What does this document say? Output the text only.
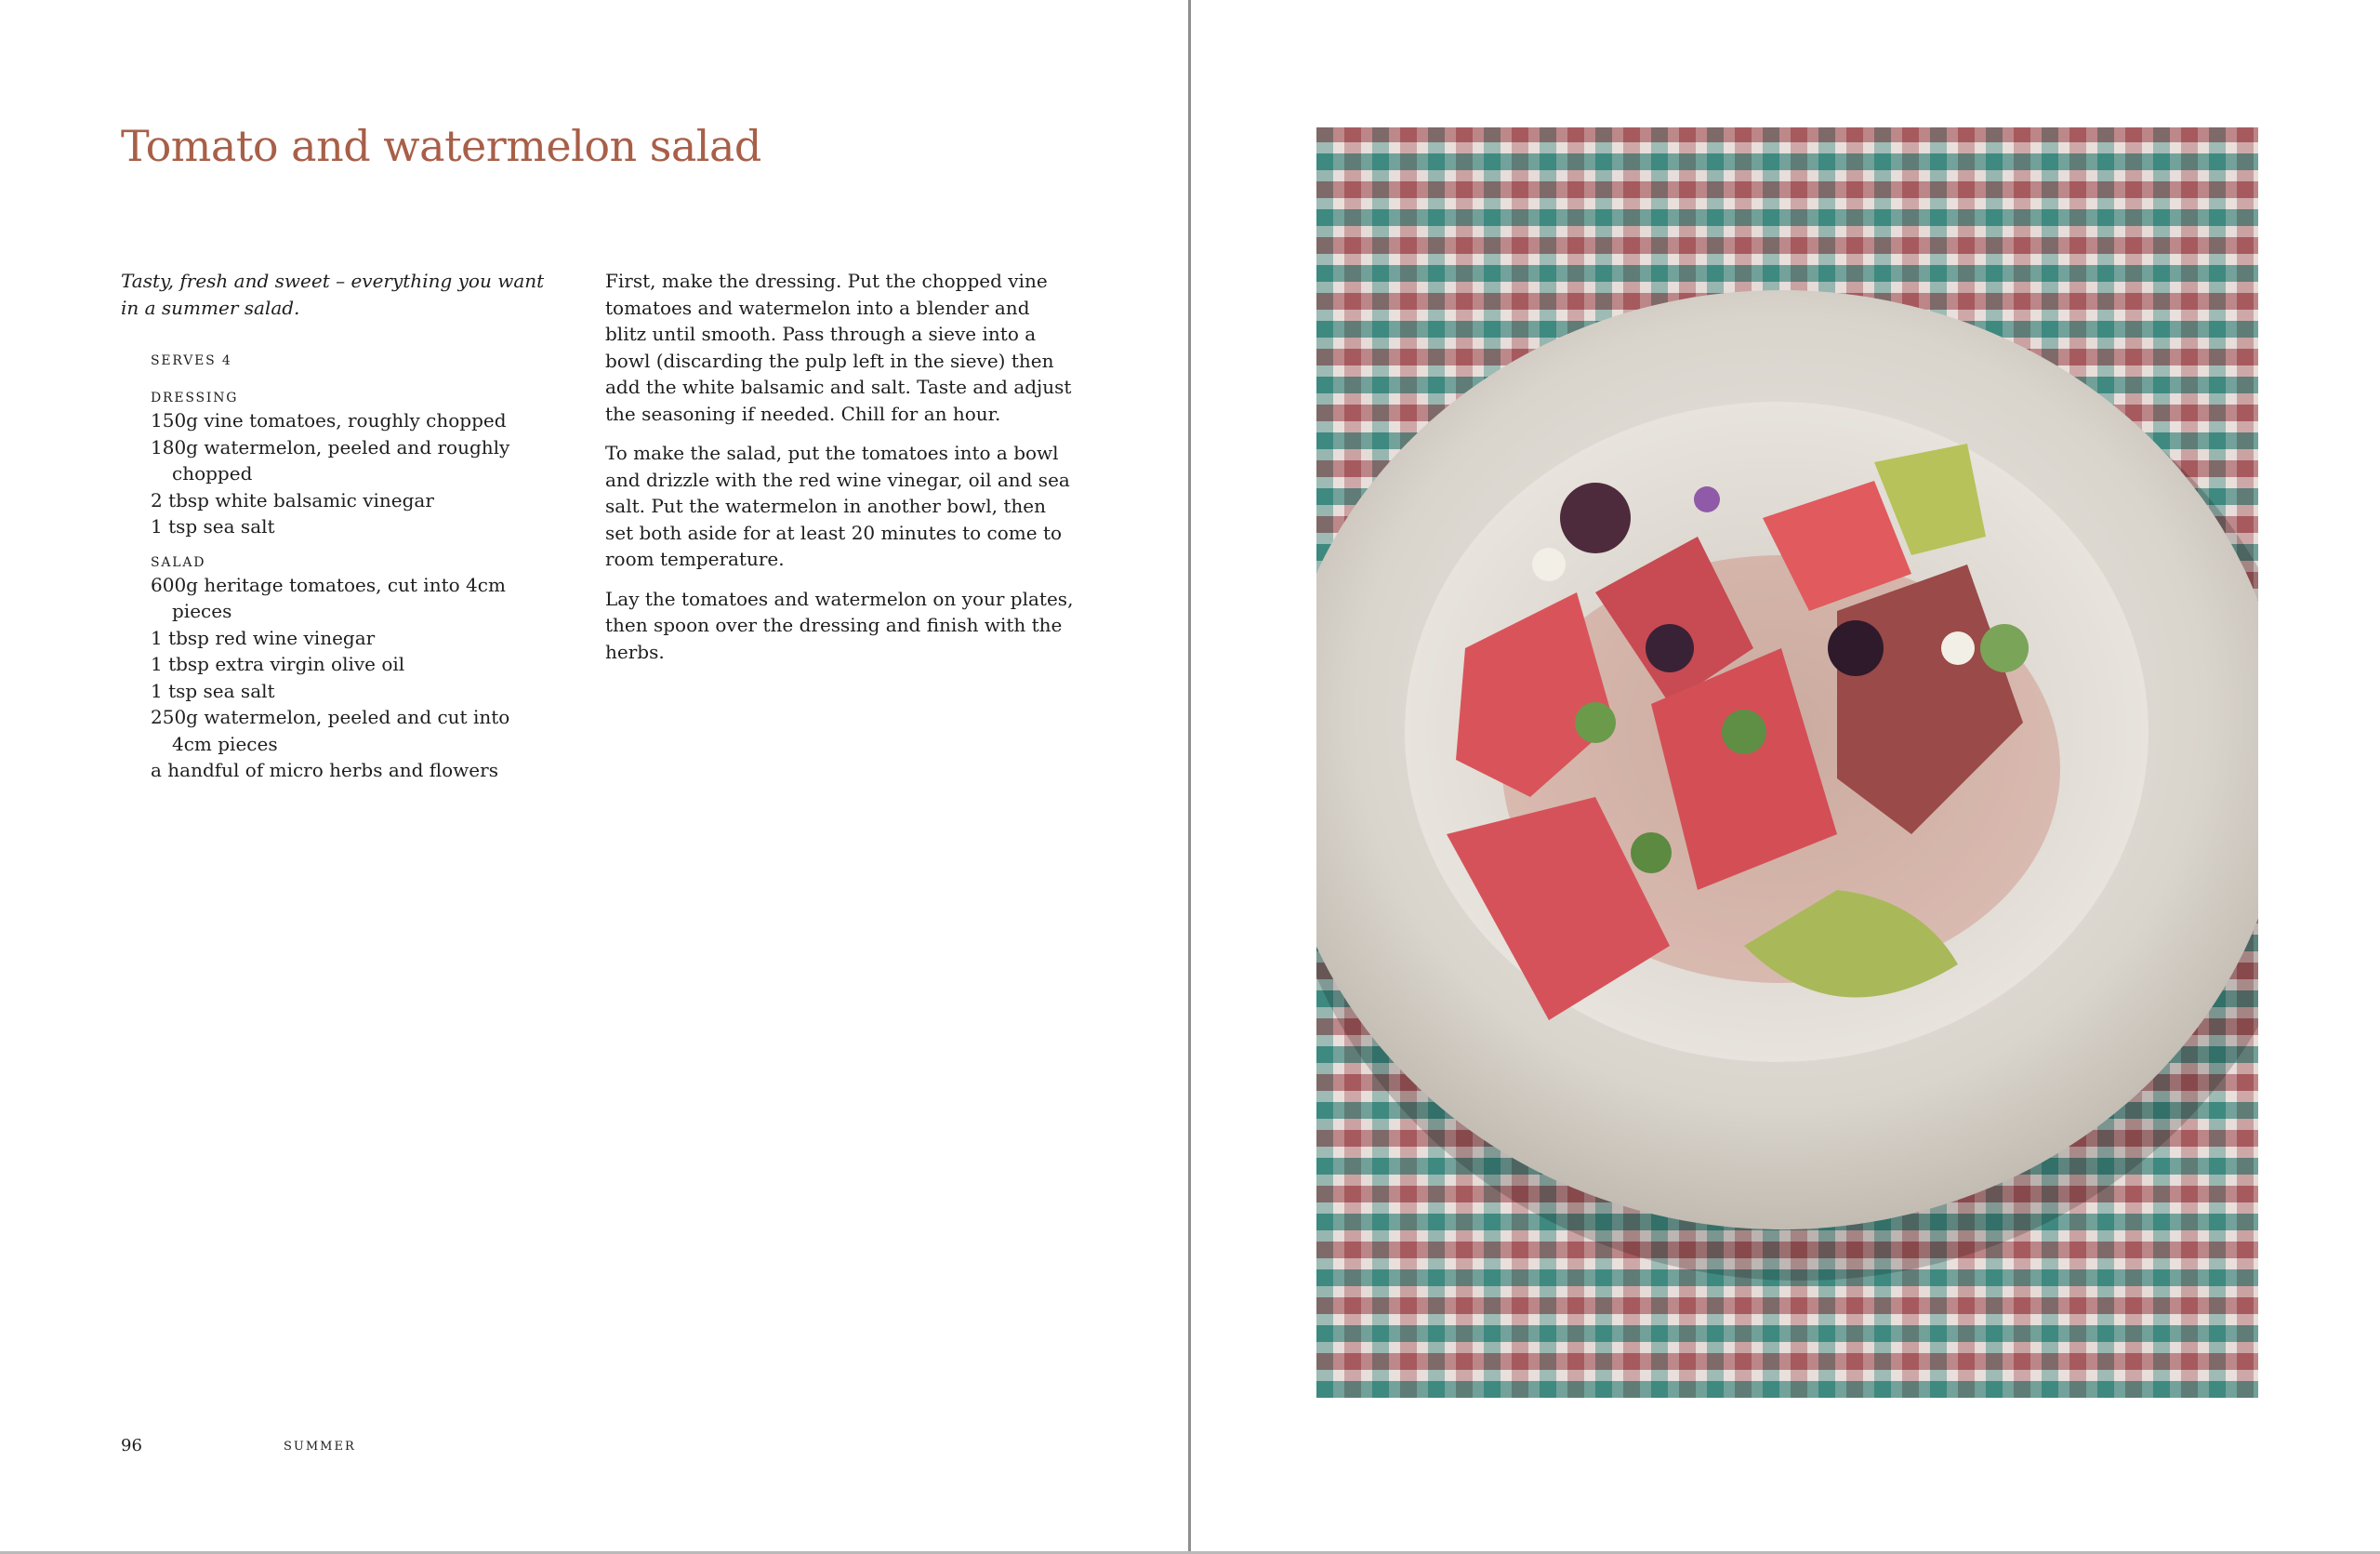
Tomato and watermelon salad

Tasty, fresh and sweet – everything you want in a summer salad.

SERVES 4
DRESSING
150g vine tomatoes, roughly chopped
180g watermelon, peeled and roughly chopped
2 tbsp white balsamic vinegar
1 tsp sea salt
SALAD
600g heritage tomatoes, cut into 4cm pieces
1 tbsp red wine vinegar
1 tbsp extra virgin olive oil
1 tsp sea salt
250g watermelon, peeled and cut into 4cm pieces
a handful of micro herbs and flowers

First, make the dressing. Put the chopped vine tomatoes and watermelon into a blender and blitz until smooth. Pass through a sieve into a bowl (discarding the pulp left in the sieve) then add the white balsamic and salt. Taste and adjust the seasoning if needed. Chill for an hour.

To make the salad, put the tomatoes into a bowl and drizzle with the red wine vinegar, oil and sea salt. Put the watermelon in another bowl, then set both aside for at least 20 minutes to come to room temperature.

Lay the tomatoes and watermelon on your plates, then spoon over the dressing and finish with the herbs.

96	SUMMER
